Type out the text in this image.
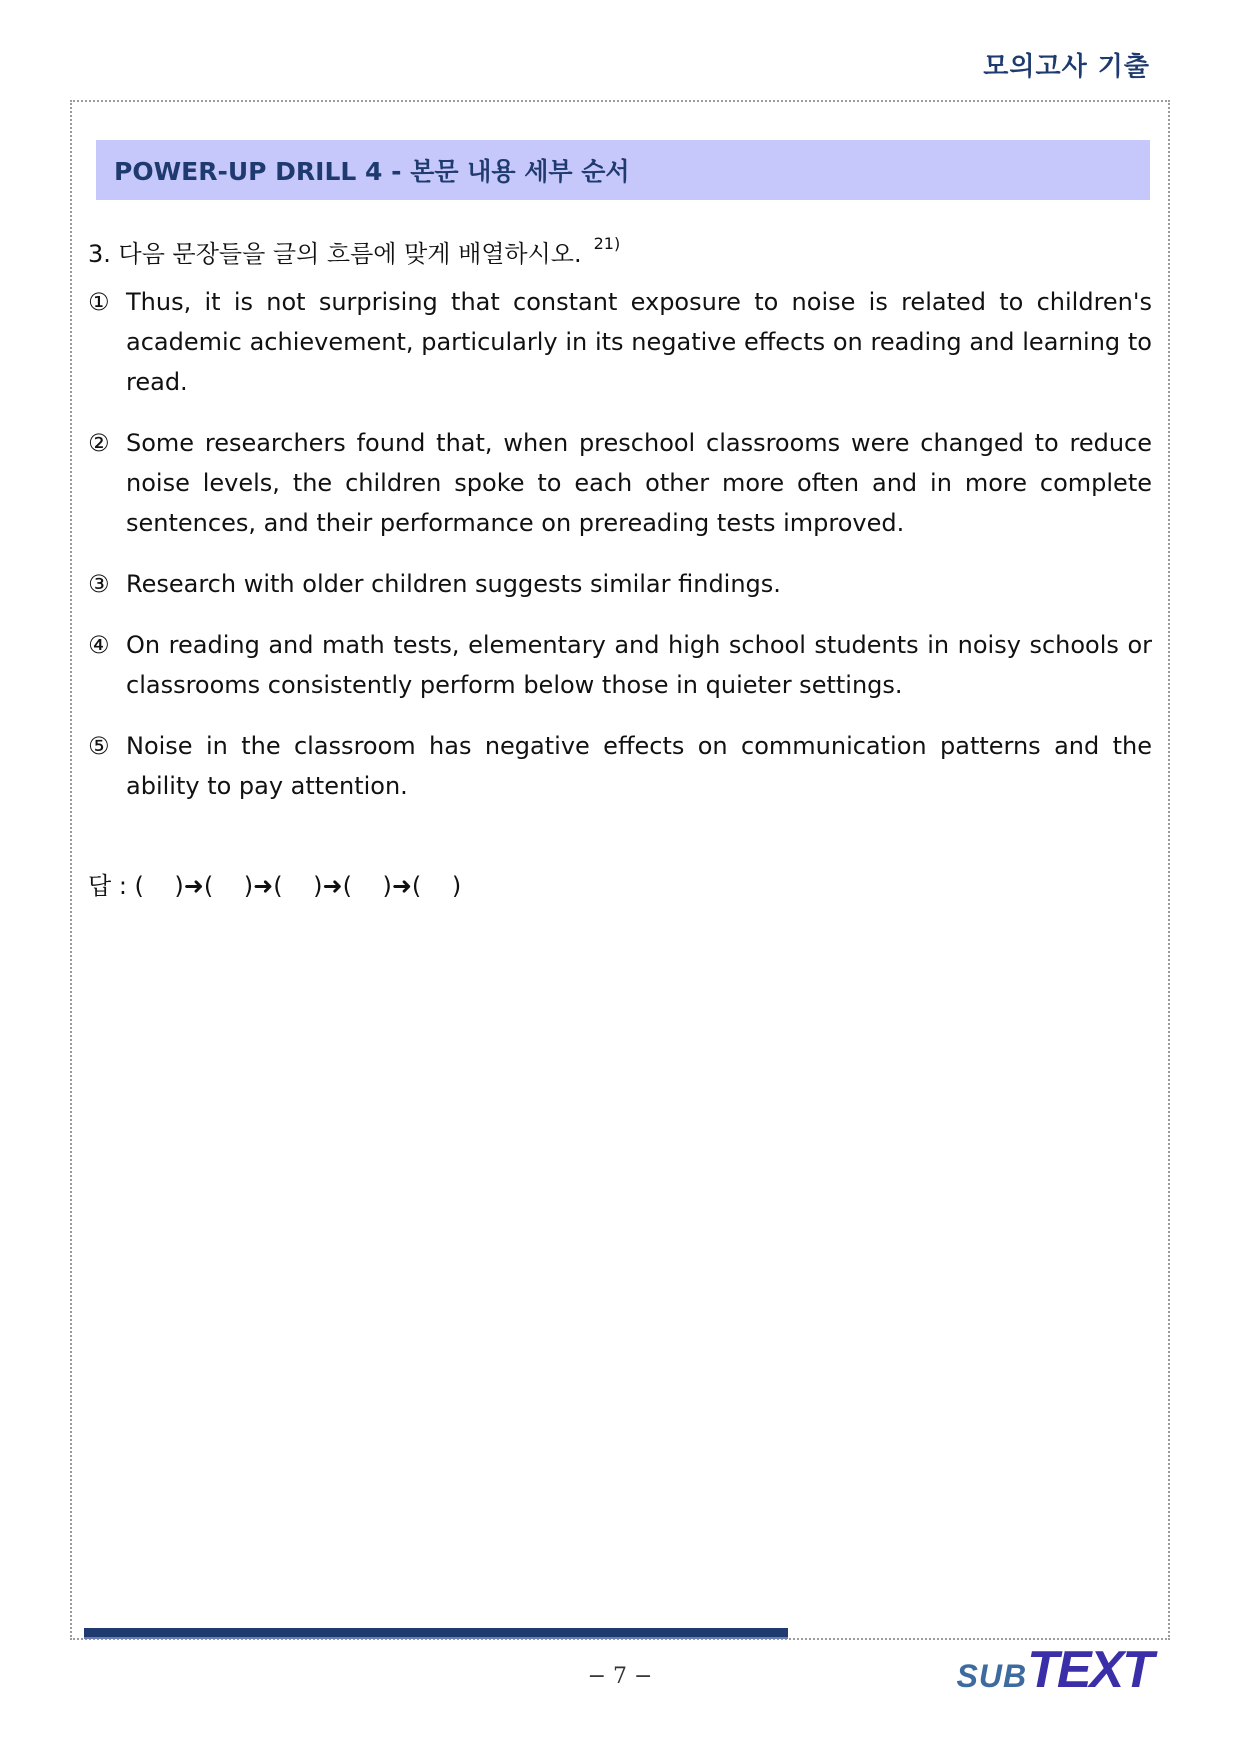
모의고사 기출
POWER-UP DRILL 4 - 본문 내용 세부 순서
3. 다음 문장들을 글의 흐름에 맞게 배열하시오. $^{21)}$
① Thus, it is not surprising that constant exposure to noise is related to children's academic achievement, particularly in its negative effects on reading and learning to read.
② Some researchers found that, when preschool classrooms were changed to reduce noise levels, the children spoke to each other more often and in more complete sentences, and their performance on prereading tests improved.
③ Research with older children suggests similar findings.
④ On reading and math tests, elementary and high school students in noisy schools or classrooms consistently perform below those in quieter settings.
⑤ Noise in the classroom has negative effects on communication patterns and the ability to pay attention.
답 : (    )➜(    )➜(    )➜(    )➜(    )
− 7 −	SUBTEXT
